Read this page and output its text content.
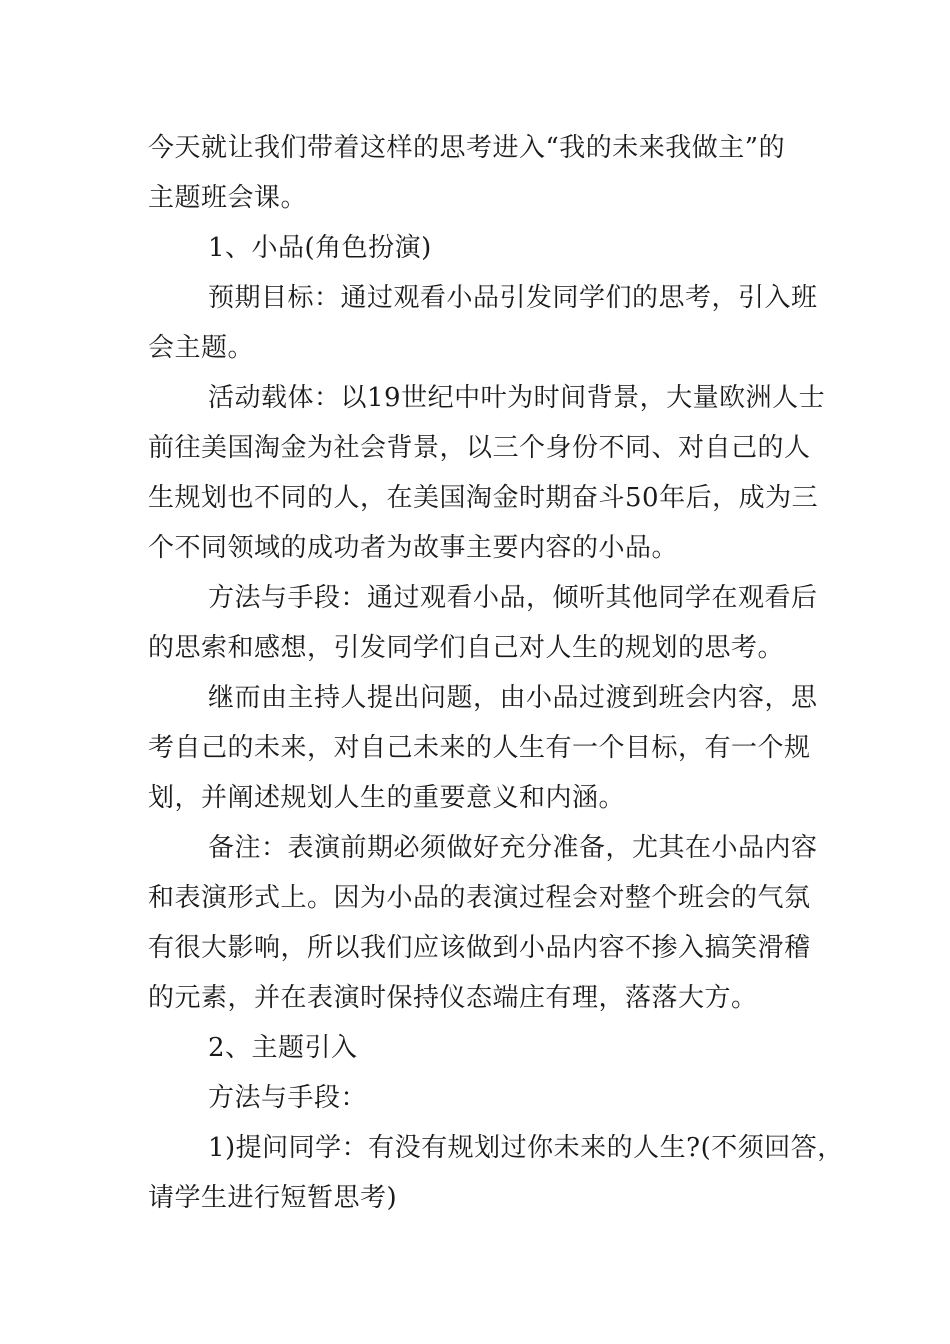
今天就让我们带着这样的思考进入“我的未来我做主”的
主题班会课。

1、小品(角色扮演)

预期目标：通过观看小品引发同学们的思考，引入班
会主题。

活动载体：以19世纪中叶为时间背景，大量欧洲人士
前往美国淘金为社会背景，以三个身份不同、对自己的人
生规划也不同的人，在美国淘金时期奋斗50年后，成为三
个不同领域的成功者为故事主要内容的小品。

方法与手段：通过观看小品，倾听其他同学在观看后
的思索和感想，引发同学们自己对人生的规划的思考。

继而由主持人提出问题，由小品过渡到班会内容，思
考自己的未来，对自己未来的人生有一个目标，有一个规
划，并阐述规划人生的重要意义和内涵。

备注：表演前期必须做好充分准备，尤其在小品内容
和表演形式上。因为小品的表演过程会对整个班会的气氛
有很大影响，所以我们应该做到小品内容不掺入搞笑滑稽
的元素，并在表演时保持仪态端庄有理，落落大方。

2、主题引入

方法与手段：

1)提问同学：有没有规划过你未来的人生?(不须回答，
请学生进行短暂思考)
